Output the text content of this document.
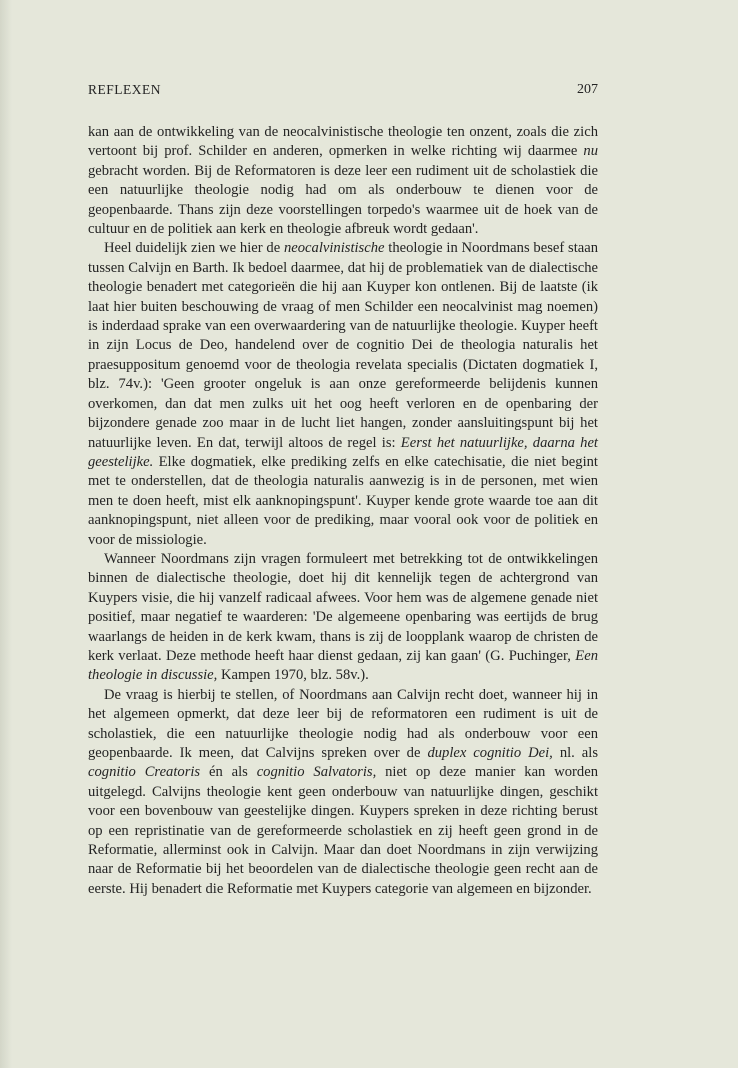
REFLEXEN	207

kan aan de ontwikkeling van de neocalvinistische theologie ten onzent, zoals die zich vertoont bij prof. Schilder en anderen, opmerken in welke richting wij daarmee nu gebracht worden. Bij de Reformatoren is deze leer een rudiment uit de scholastiek die een natuurlijke theologie nodig had om als onderbouw te dienen voor de geopenbaarde. Thans zijn deze voorstellingen torpedo's waarmee uit de hoek van de cultuur en de politiek aan kerk en theologie afbreuk wordt gedaan'.

Heel duidelijk zien we hier de neocalvinistische theologie in Noordmans besef staan tussen Calvijn en Barth. Ik bedoel daarmee, dat hij de problematiek van de dialectische theologie benadert met categorieën die hij aan Kuyper kon ontlenen. Bij de laatste (ik laat hier buiten beschouwing de vraag of men Schilder een neocalvinist mag noemen) is inderdaad sprake van een overwaardering van de natuurlijke theologie. Kuyper heeft in zijn Locus de Deo, handelend over de cognitio Dei de theologia naturalis het praesuppositum genoemd voor de theologia revelata specialis (Dictaten dogmatiek I, blz. 74v.): 'Geen grooter ongeluk is aan onze gereformeerde belijdenis kunnen overkomen, dan dat men zulks uit het oog heeft verloren en de openbaring der bijzondere genade zoo maar in de lucht liet hangen, zonder aansluitingspunt bij het natuurlijke leven. En dat, terwijl altoos de regel is: Eerst het natuurlijke, daarna het geestelijke. Elke dogmatiek, elke prediking zelfs en elke catechisatie, die niet begint met te onderstellen, dat de theologia naturalis aanwezig is in de personen, met wien men te doen heeft, mist elk aanknopingspunt'. Kuyper kende grote waarde toe aan dit aanknopingspunt, niet alleen voor de prediking, maar vooral ook voor de politiek en voor de missiologie.

Wanneer Noordmans zijn vragen formuleert met betrekking tot de ontwikkelingen binnen de dialectische theologie, doet hij dit kennelijk tegen de achtergrond van Kuypers visie, die hij vanzelf radicaal afwees. Voor hem was de algemene genade niet positief, maar negatief te waarderen: 'De algemeene openbaring was eertijds de brug waarlangs de heiden in de kerk kwam, thans is zij de loopplank waarop de christen de kerk verlaat. Deze methode heeft haar dienst gedaan, zij kan gaan' (G. Puchinger, Een theologie in discussie, Kampen 1970, blz. 58v.).

De vraag is hierbij te stellen, of Noordmans aan Calvijn recht doet, wanneer hij in het algemeen opmerkt, dat deze leer bij de reformatoren een rudiment is uit de scholastiek, die een natuurlijke theologie nodig had als onderbouw voor een geopenbaarde. Ik meen, dat Calvijns spreken over de duplex cognitio Dei, nl. als cognitio Creatoris én als cognitio Salvatoris, niet op deze manier kan worden uitgelegd. Calvijns theologie kent geen onderbouw van natuurlijke dingen, geschikt voor een bovenbouw van geestelijke dingen. Kuypers spreken in deze richting berust op een repristinatie van de gereformeerde scholastiek en zij heeft geen grond in de Reformatie, allerminst ook in Calvijn. Maar dan doet Noordmans in zijn verwijzing naar de Reformatie bij het beoordelen van de dialectische theologie geen recht aan de eerste. Hij benadert die Reformatie met Kuypers categorie van algemeen en bijzonder.
